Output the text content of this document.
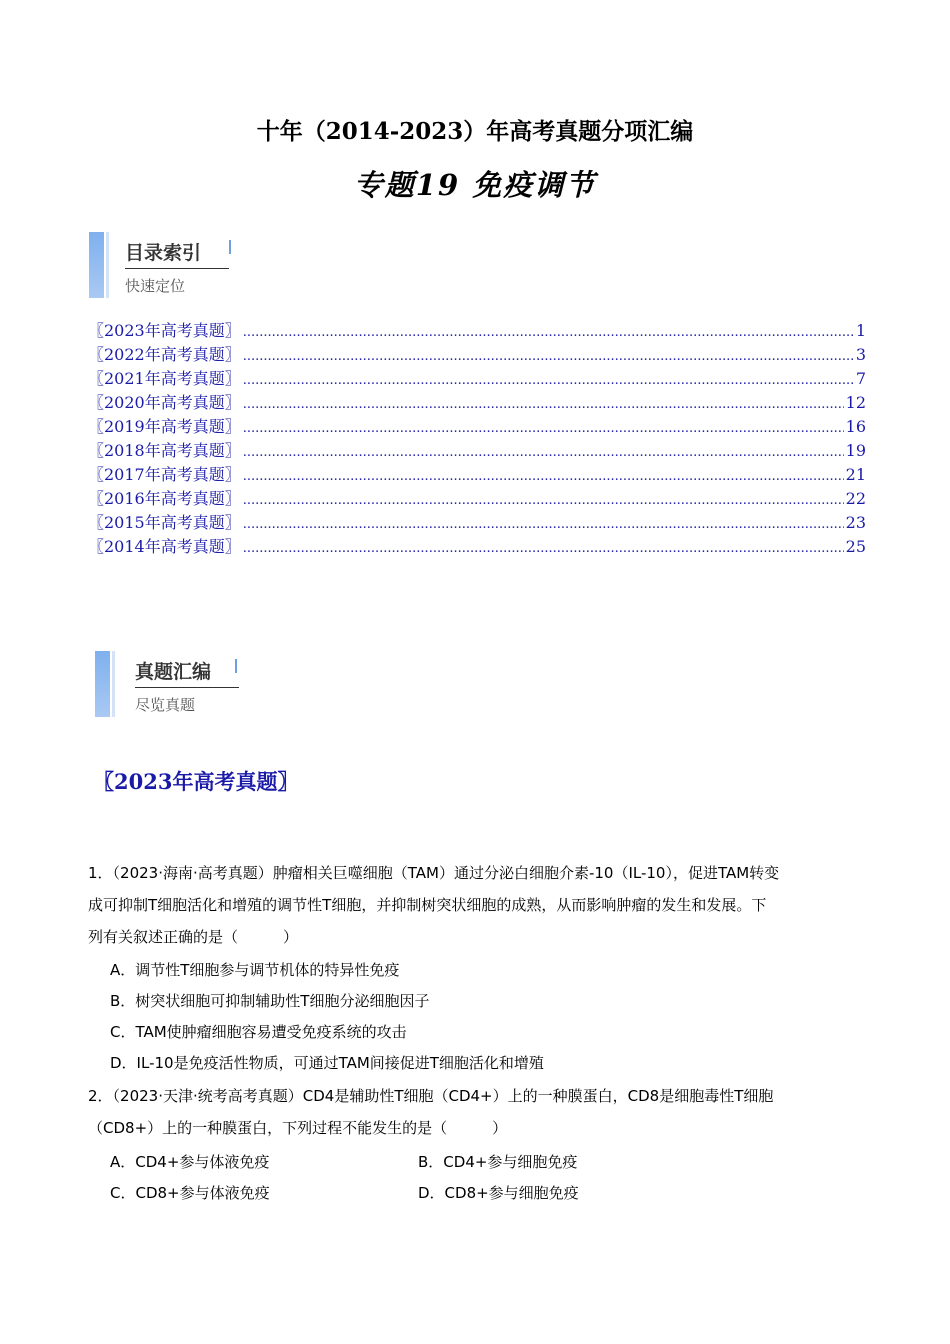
十年（2014-2023）年高考真题分项汇编
专题19 免疫调节
目录索引
快速定位
〖2023年高考真题〗 .....	1
〖2022年高考真题〗 .....	3
〖2021年高考真题〗 .....	7
〖2020年高考真题〗 .....	12
〖2019年高考真题〗 .....	16
〖2018年高考真题〗 .....	19
〖2017年高考真题〗 .....	21
〖2016年高考真题〗 .....	22
〖2015年高考真题〗 .....	23
〖2014年高考真题〗 .....	25
真题汇编
尽览真题
〖2023年高考真题〗
1．（2023·海南·高考真题）肿瘤相关巨噬细胞（TAM）通过分泌白细胞介素-10（IL-10），促进TAM转变
成可抑制T细胞活化和增殖的调节性T细胞，并抑制树突状细胞的成熟，从而影响肿瘤的发生和发展。下
列有关叙述正确的是（　　　）
A．调节性T细胞参与调节机体的特异性免疫
B．树突状细胞可抑制辅助性T细胞分泌细胞因子
C．TAM使肿瘤细胞容易遭受免疫系统的攻击
D．IL-10是免疫活性物质，可通过TAM间接促进T细胞活化和增殖
2．（2023·天津·统考高考真题）CD4是辅助性T细胞（CD4+）上的一种膜蛋白，CD8是细胞毒性T细胞
（CD8+）上的一种膜蛋白，下列过程不能发生的是（　　　）
A．CD4+参与体液免疫	B．CD4+参与细胞免疫
C．CD8+参与体液免疫	D．CD8+参与细胞免疫
